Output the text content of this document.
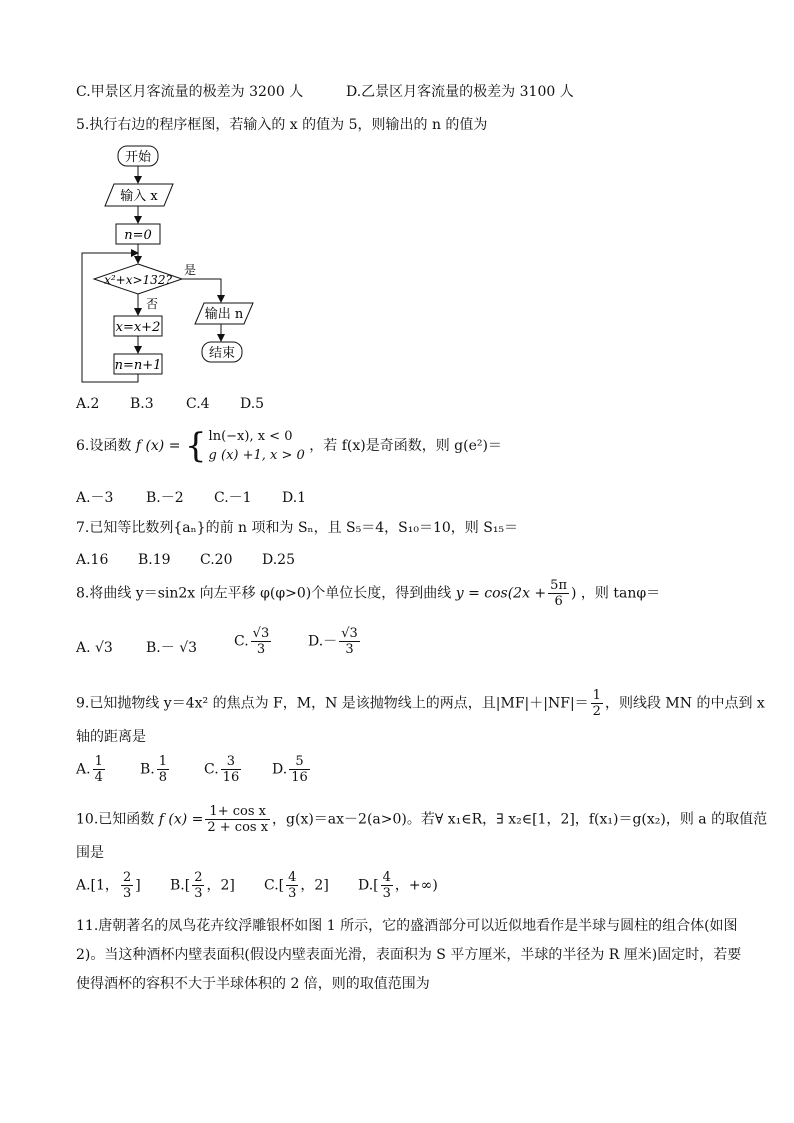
C.甲景区月客流量的极差为 3200 人	D.乙景区月客流量的极差为 3100 人
5.执行右边的程序框图，若输入的 x 的值为 5，则输出的 n 的值为
开始
输入 x
n=0
x²+x>132?
是
否
输出 n
结束
x=x+2
n=n+1
A.2 B.3 C.4 D.5
6.设函数 f (x) = { ln(−x), x < 0
g (x) +1, x > 0
，若 f(x)是奇函数，则 g(e²)＝
A.－3 B.－2 C.－1 D.1
7.已知等比数列{aₙ}的前 n 项和为 Sₙ，且 S₅＝4，S₁₀＝10，则 S₁₅＝
A.16 B.19 C.20 D.25
8.将曲线 y＝sin2x 向左平移 φ(φ>0)个单位长度，得到曲线 $y = \cos(2x + \frac{5\pi}{6}$ ) ，则 tanφ＝
A. √3 B.－ √3	C. $\frac{√3}{3}$	$D.- \frac{√3}{3}$
9.已知抛物线 y＝4x² 的焦点为 F，M，N 是该抛物线上的两点，且$|MF|+|NF|= \frac{1}{2}$ ，则线段 MN 的中点到 x
轴的距离是
A. $\frac{1}{4}$	B. $\frac{1}{8} C$. $\frac{3}{16} D$. $\frac{5}{16}$
10.已知函数 f $(x) = \frac{\text{1+ cos x}}{\text{2 + cos x}}$ ，g(x)＝ax－2(a>0)。若∀ x₁∈R，∃ x₂∈[1，2]，f(x₁)＝g(x₂)，则 a 的取值范
围是
A.[1， $\frac{2}{3}$ ] $B.[ \frac{2}{3}$ ，2] $C.[ \frac{4}{3}$ ，2] $D.[ \frac{4}{3}$ ，+∞)
11.唐朝著名的凤鸟花卉纹浮雕银杯如图 1 所示，它的盛酒部分可以近似地看作是半球与圆柱的组合体(如图
2)。当这种酒杯内壁表面积(假设内壁表面光滑，表面积为 S 平方厘米，半球的半径为 R 厘米)固定时，若要
使得酒杯的容积不大于半球体积的 2 倍，则的取值范围为
